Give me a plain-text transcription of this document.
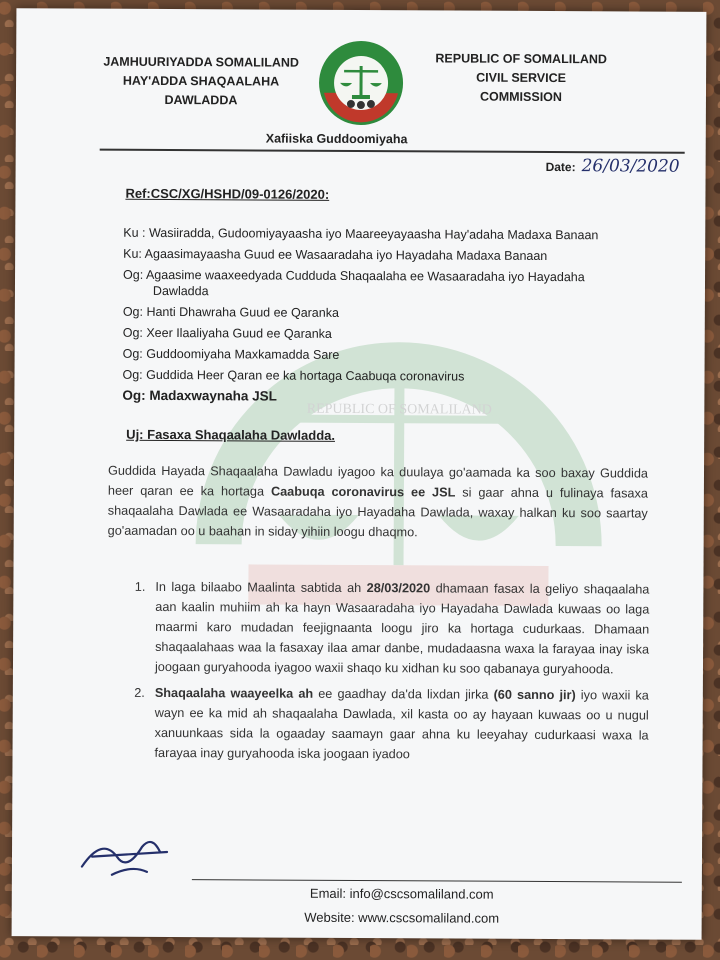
REPUBLIC OF SOMALILAND
JAMHUURIYADDA SOMALILAND
HAY'ADDA SHAQAALAHA
DAWLADDA
REPUBLIC OF SOMALILAND
CIVIL SERVICE
COMMISSION
Xafiiska Guddoomiyaha
Date: 26/03/2020
Ref:CSC/XG/HSHD/09-0126/2020:
Ku : Wasiiradda, Gudoomiyayaasha iyo Maareeyayaasha Hay'adaha Madaxa Banaan
Ku: Agaasimayaasha Guud ee Wasaaradaha iyo Hayadaha Madaxa Banaan
Og: Agaasime waaxeedyada Cudduda Shaqaalaha ee Wasaaradaha iyo Hayadaha Dawladda
Og: Hanti Dhawraha Guud ee Qaranka
Og: Xeer Ilaaliyaha Guud ee Qaranka
Og: Guddoomiyaha Maxkamadda Sare
Og: Guddida Heer Qaran ee ka hortaga Caabuqa coronavirus
Og: Madaxwaynaha JSL
Uj: Fasaxa Shaqaalaha Dawladda.
Guddida Hayada Shaqaalaha Dawladu iyagoo ka duulaya go'aamada ka soo baxay Guddida heer qaran ee ka hortaga Caabuqa coronavirus ee JSL si gaar ahna u fulinaya fasaxa shaqaalaha Dawlada ee Wasaaradaha iyo Hayadaha Dawlada, waxay halkan ku soo saartay go'aamadan oo u baahan in siday yihiin loogu dhaqmo.
1. In laga bilaabo Maalinta sabtida ah 28/03/2020 dhamaan fasax la geliyo shaqaalaha aan kaalin muhiim ah ka hayn Wasaaradaha iyo Hayadaha Dawlada kuwaas oo laga maarmi karo mudadan feejignaanta loogu jiro ka hortaga cudurkaas. Dhamaan shaqaalahaas waa la fasaxay ilaa amar danbe, mudadaasna waxa la farayaa inay iska joogaan guryahooda iyagoo waxii shaqo ku xidhan ku soo qabanaya guryahooda.
2. Shaqaalaha waayeelka ah ee gaadhay da'da lixdan jirka (60 sanno jir) iyo waxii ka wayn ee ka mid ah shaqaalaha Dawlada, xil kasta oo ay hayaan kuwaas oo u nugul xanuunkaas sida la ogaaday saamayn gaar ahna ku leeyahay cudurkaasi waxa la farayaa inay guryahooda iska joogaan iyadoo
Email: info@cscsomaliland.com
Website: www.cscsomaliland.com
